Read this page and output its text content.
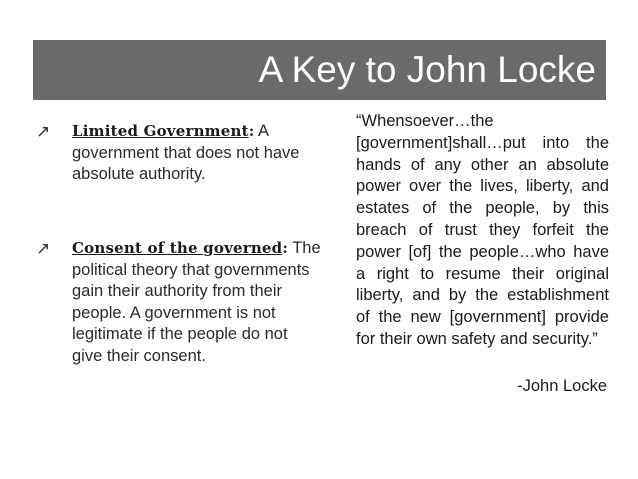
A Key to John Locke
↗ Limited Government: A government that does not have absolute authority.
↗ Consent of the governed: The political theory that governments gain their authority from their people. A government is not legitimate if the people do not give their consent.
“Whensoever…the [government]shall…put into the hands of any other an absolute power over the lives, liberty, and estates of the people, by this breach of trust they forfeit the power [of] the people…who have a right to resume their original liberty, and by the establishment of the new [government] provide for their own safety and security.”
-John Locke
